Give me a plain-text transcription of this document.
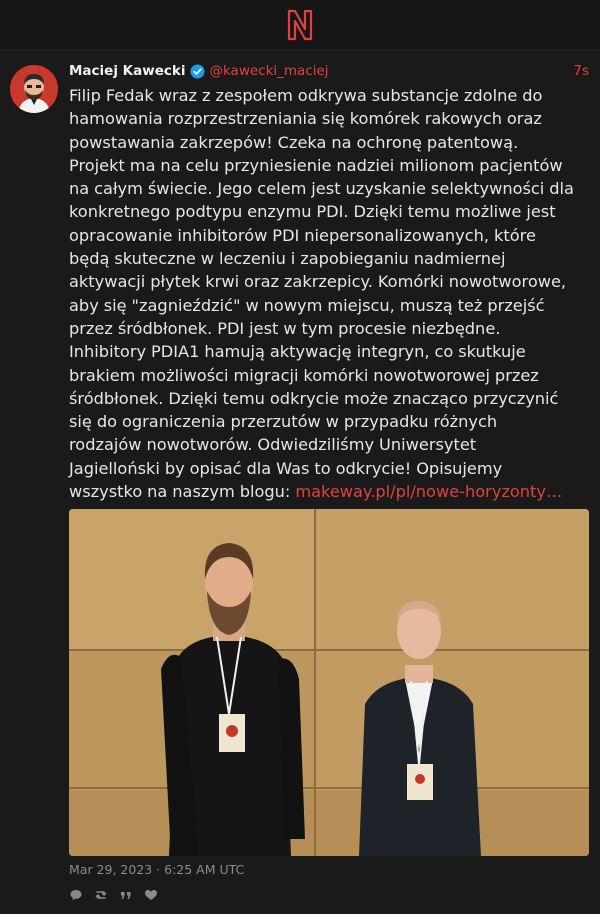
Maciej Kawecki @kawecki_maciej	7s
Filip Fedak wraz z zespołem odkrywa substancje zdolne do
hamowania rozprzestrzeniania się komórek rakowych oraz
powstawania zakrzepów! Czeka na ochronę patentową.
Projekt ma na celu przyniesienie nadziei milionom pacjentów
na całym świecie. Jego celem jest uzyskanie selektywności dla
konkretnego podtypu enzymu PDI. Dzięki temu możliwe jest
opracowanie inhibitorów PDI niepersonalizowanych, które
będą skuteczne w leczeniu i zapobieganiu nadmiernej
aktywacji płytek krwi oraz zakrzepicy. Komórki nowotworowe,
aby się "zagnieździć" w nowym miejscu, muszą też przejść
przez śródbłonek. PDI jest w tym procesie niezbędne.
Inhibitory PDIA1 hamują aktywację integryn, co skutkuje
brakiem możliwości migracji komórki nowotworowej przez
śródbłonek. Dzięki temu odkrycie może znacząco przyczynić
się do ograniczenia przerzutów w przypadku różnych
rodzajów nowotworów. Odwiedziliśmy Uniwersytet
Jagielloński by opisać dla Was to odkrycie! Opisujemy
wszystko na naszym blogu: makeway.pl/pl/nowe-horyzonty…
Mar 29, 2023 · 6:25 AM UTC
